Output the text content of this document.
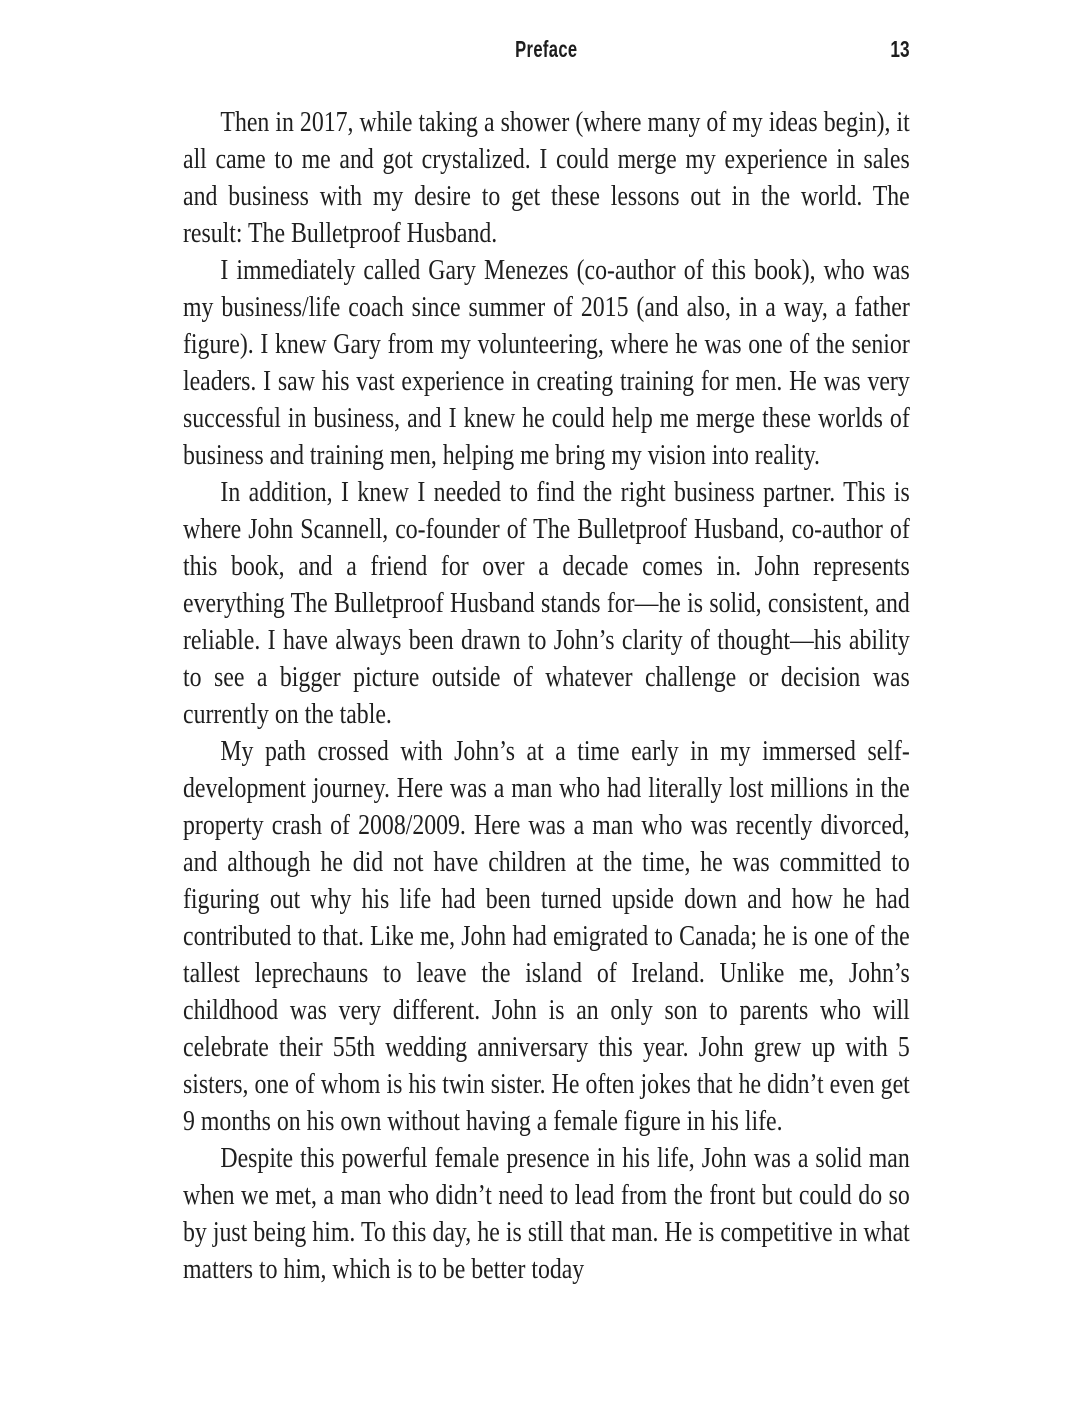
Preface	13

Then in 2017, while taking a shower (where many of my ideas begin), it all came to me and got crystalized. I could merge my experience in sales and business with my desire to get these lessons out in the world. The result: The Bulletproof Husband.

I immediately called Gary Menezes (co-author of this book), who was my business/life coach since summer of 2015 (and also, in a way, a father figure). I knew Gary from my volunteering, where he was one of the senior leaders. I saw his vast experience in creating training for men. He was very successful in business, and I knew he could help me merge these worlds of business and training men, helping me bring my vision into reality.

In addition, I knew I needed to find the right business partner. This is where John Scannell, co-founder of The Bulletproof Husband, co-author of this book, and a friend for over a decade comes in. John represents everything The Bulletproof Husband stands for—he is solid, consistent, and reliable. I have always been drawn to John’s clarity of thought—his ability to see a bigger picture outside of whatever challenge or decision was currently on the table.

My path crossed with John’s at a time early in my immersed self-development journey. Here was a man who had literally lost millions in the property crash of 2008/2009. Here was a man who was recently divorced, and although he did not have children at the time, he was committed to figuring out why his life had been turned upside down and how he had contributed to that. Like me, John had emigrated to Canada; he is one of the tallest leprechauns to leave the island of Ireland. Unlike me, John’s childhood was very different. John is an only son to parents who will celebrate their 55th wedding anniversary this year. John grew up with 5 sisters, one of whom is his twin sister. He often jokes that he didn’t even get 9 months on his own without having a female figure in his life.

Despite this powerful female presence in his life, John was a solid man when we met, a man who didn’t need to lead from the front but could do so by just being him. To this day, he is still that man. He is competitive in what matters to him, which is to be better today
